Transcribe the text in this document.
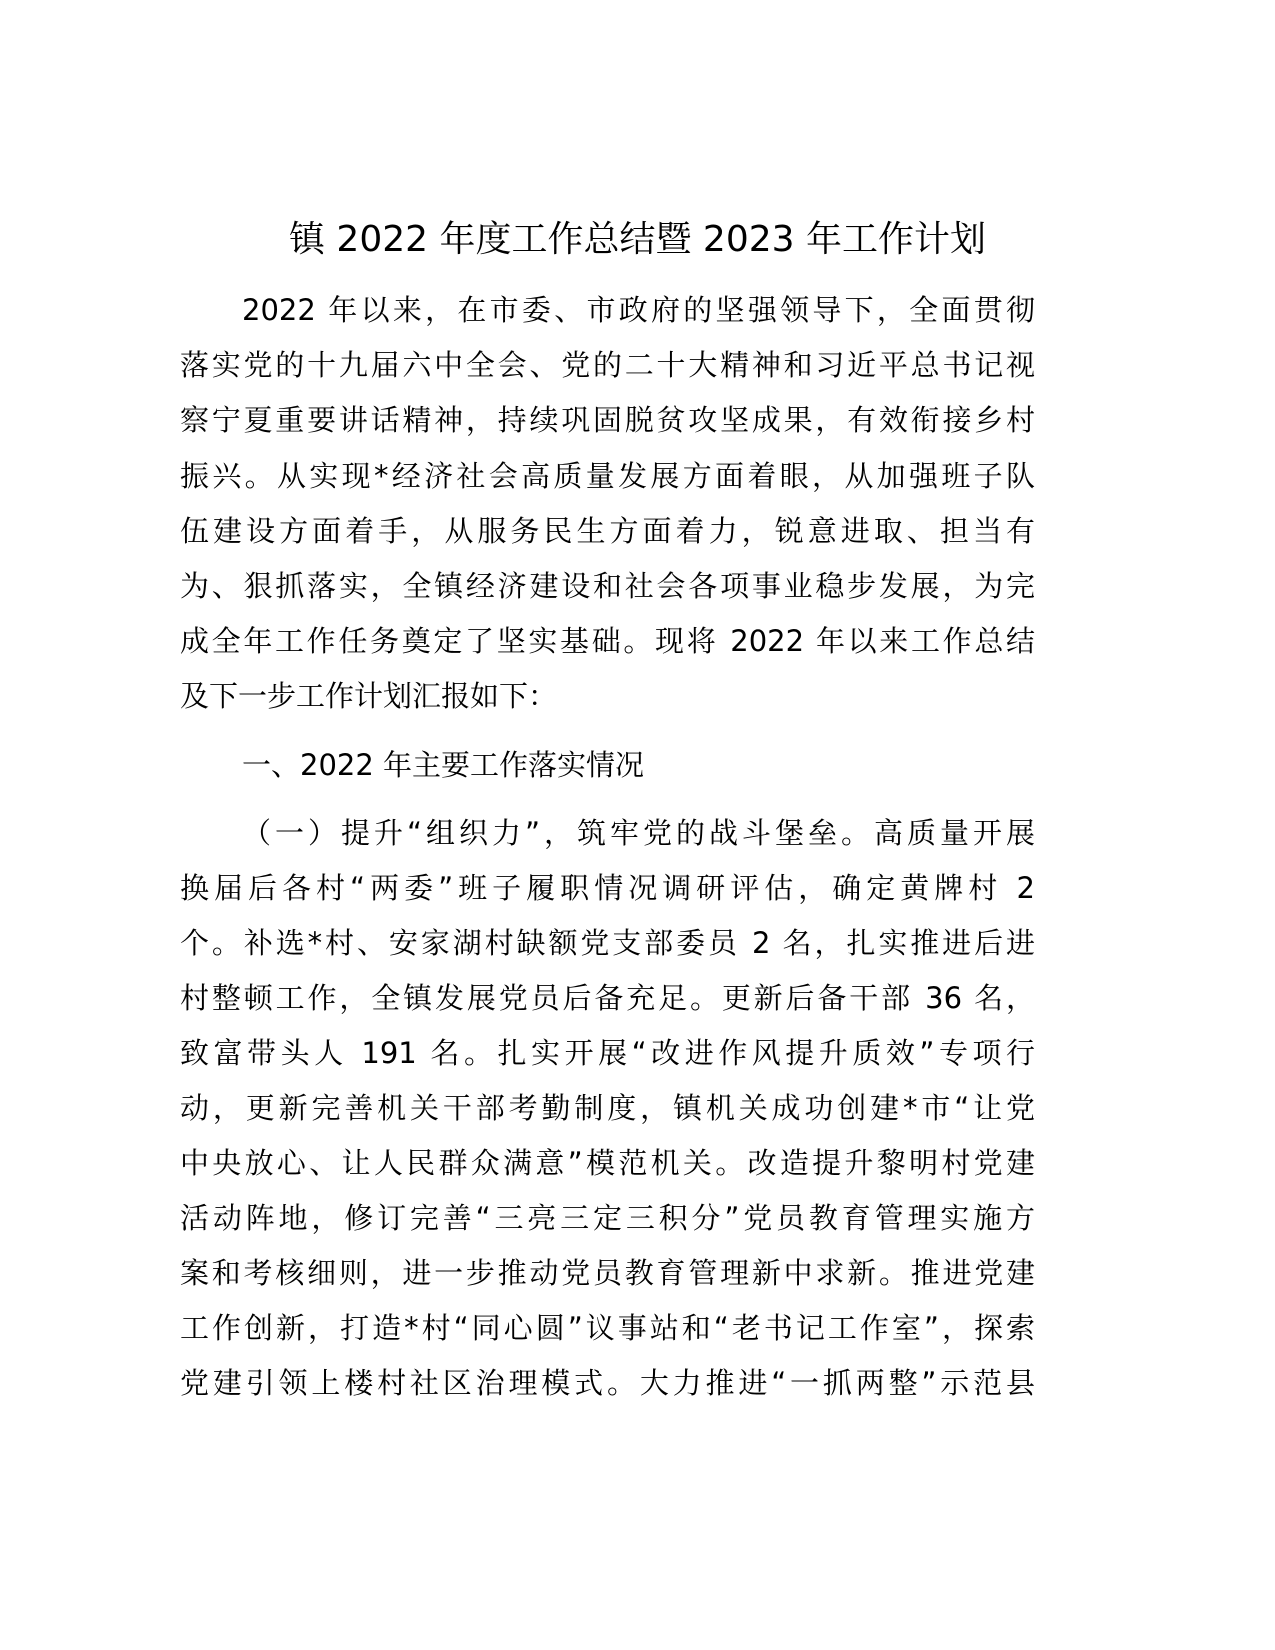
镇 2022 年度工作总结暨 2023 年工作计划
2022 年以来，在市委、市政府的坚强领导下，全面贯彻
落实党的十九届六中全会、党的二十大精神和习近平总书记视
察宁夏重要讲话精神，持续巩固脱贫攻坚成果，有效衔接乡村
振兴。从实现*经济社会高质量发展方面着眼，从加强班子队
伍建设方面着手，从服务民生方面着力，锐意进取、担当有
为、狠抓落实，全镇经济建设和社会各项事业稳步发展，为完
成全年工作任务奠定了坚实基础。现将 2022 年以来工作总结
及下一步工作计划汇报如下：
一、2022 年主要工作落实情况
（一）提升“组织力”，筑牢党的战斗堡垒。高质量开展
换届后各村“两委”班子履职情况调研评估，确定黄牌村 2
个。补选*村、安家湖村缺额党支部委员 2 名，扎实推进后进
村整顿工作，全镇发展党员后备充足。更新后备干部 36 名，
致富带头人 191 名。扎实开展“改进作风提升质效”专项行
动，更新完善机关干部考勤制度，镇机关成功创建*市“让党
中央放心、让人民群众满意”模范机关。改造提升黎明村党建
活动阵地，修订完善“三亮三定三积分”党员教育管理实施方
案和考核细则，进一步推动党员教育管理新中求新。推进党建
工作创新，打造*村“同心圆”议事站和“老书记工作室”，探索
党建引领上楼村社区治理模式。大力推进“一抓两整”示范县
